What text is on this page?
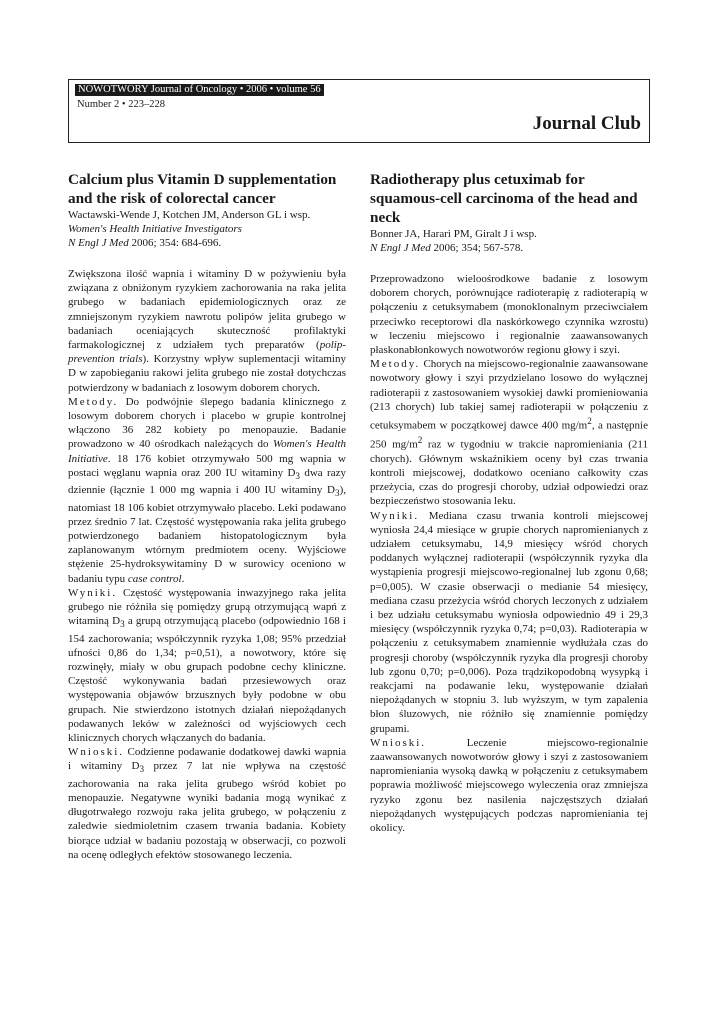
NOWOTWORY Journal of Oncology • 2006 • volume 56
Number 2 • 223–228
Journal Club
Calcium plus Vitamin D supplementation and the risk of colorectal cancer

Wactawski-Wende J, Kotchen JM, Anderson GL i wsp.

Women's Health Initiative Investigators

N Engl J Med 2006; 354: 684-696.

Zwiększona ilość wapnia i witaminy D w pożywieniu była związana z obniżonym ryzykiem zachorowania na raka jelita grubego w badaniach epidemiologicznych oraz ze zmniejszonym ryzykiem nawrotu polipów jelita grubego w badaniach oceniających skuteczność profilaktyki farmakologicznej z udziałem tych preparatów (polip-prevention trials). Korzystny wpływ suplementacji witaminy D w zapobieganiu rakowi jelita grubego nie został dotychczas potwierdzony w badaniach z losowym doborem chorych.

Metody. Do podwójnie ślepego badania klinicznego z losowym doborem chorych i placebo w grupie kontrolnej włączono 36 282 kobiety po menopauzie. Badanie prowadzono w 40 ośrodkach należących do Women's Health Initiative. 18 176 kobiet otrzymywało 500 mg wapnia w postaci węglanu wapnia oraz 200 IU witaminy $D_3$ dwa razy dziennie (łącznie 1 000 mg wapnia i 400 IU witaminy $D_3$), natomiast 18 106 kobiet otrzymywało placebo. Leki podawano przez średnio 7 lat. Częstość występowania raka jelita grubego potwierdzonego badaniem histopatologicznym była zaplanowanym wtórnym predmiotem oceny. Wyjściowe stężenie 25-hydroksywitaminy D w surowicy oceniono w badaniu typu case control.

Wyniki. Częstość występowania inwazyjnego raka jelita grubego nie różniła się pomiędzy grupą otrzymującą wapń z witaminą $D_3$ a grupą otrzymującą placebo (odpowiednio 168 i 154 zachorowania; współczynnik ryzyka 1,08; 95% przedział ufności 0,86 do 1,34; p=0,51), a nowotwory, które się rozwinęły, miały w obu grupach podobne cechy kliniczne. Częstość wykonywania badań przesiewowych oraz występowania objawów brzusznych były podobne w obu grupach. Nie stwierdzono istotnych działań niepożądanych podawanych leków w zależności od wyjściowych cech klinicznych chorych włączanych do badania.

Wnioski. Codzienne podawanie dodatkowej dawki wapnia i witaminy $D_3$ przez 7 lat nie wpływa na częstość zachorowania na raka jelita grubego wśród kobiet po menopauzie. Negatywne wyniki badania mogą wynikać z długotrwałego rozwoju raka jelita grubego, w połączeniu z zaledwie siedmioletnim czasem trwania badania. Kobiety biorące udział w badaniu pozostają w obserwacji, co pozwoli na ocenę odległych efektów stosowanego leczenia.

Radiotherapy plus cetuximab for squamous-cell carcinoma of the head and neck

Bonner JA, Harari PM, Giralt J i wsp.

N Engl J Med 2006; 354; 567-578.

Przeprowadzono wieloośrodkowe badanie z losowym doborem chorych, porównujące radioterapię z radioterapią w połączeniu z cetuksymabem (monoklonalnym przeciwciałem przeciwko receptorowi dla naskórkowego czynnika wzrostu) w leczeniu miejscowo i regionalnie zaawansowanych płaskonabłonkowych nowotworów regionu głowy i szyi.

Metody. Chorych na miejscowo-regionalnie zaawansowane nowotwory głowy i szyi przydzielano losowo do wyłącznej radioterapii z zastosowaniem wysokiej dawki promieniowania (213 chorych) lub takiej samej radioterapii w połączeniu z cetuksymabem w początkowej dawce 400 $mg/m^2$, a następnie 250 $mg/m^2$ raz w tygodniu w trakcie napromieniania (211 chorych). Głównym wskaźnikiem oceny był czas trwania kontroli miejscowej, dodatkowo oceniano całkowity czas przeżycia, czas do progresji choroby, udział odpowiedzi oraz bezpieczeństwo stosowania leku.

Wyniki. Mediana czasu trwania kontroli miejscowej wyniosła 24,4 miesiące w grupie chorych napromienianych z udziałem cetuksymabu, 14,9 miesięcy wśród chorych poddanych wyłącznej radioterapii (współczynnik ryzyka dla wystąpienia progresji miejscowo-regionalnej lub zgonu 0,68; p=0,005). W czasie obserwacji o medianie 54 miesięcy, mediana czasu przeżycia wśród chorych leczonych z udziałem i bez udziału cetuksymabu wyniosła odpowiednio 49 i 29,3 miesięcy (współczynnik ryzyka 0,74; p=0,03). Radioterapia w połączeniu z cetuksymabem znamiennie wydłużała czas do progresji choroby (współczynnik ryzyka dla progresji choroby lub zgonu 0,70; p=0,006). Poza trądzikopodobną wysypką i reakcjami na podawanie leku, występowanie działań niepożądanych w stopniu 3. lub wyższym, w tym zapalenia błon śluzowych, nie różniło się znamiennie pomiędzy grupami.

Wnioski. Leczenie miejscowo-regionalnie zaawansowanych nowotworów głowy i szyi z zastosowaniem napromieniania wysoką dawką w połączeniu z cetuksymabem poprawia możliwość miejscowego wyleczenia oraz zmniejsza ryzyko zgonu bez nasilenia najczęstszych działań niepożądanych występujących podczas napromieniania tej okolicy.
